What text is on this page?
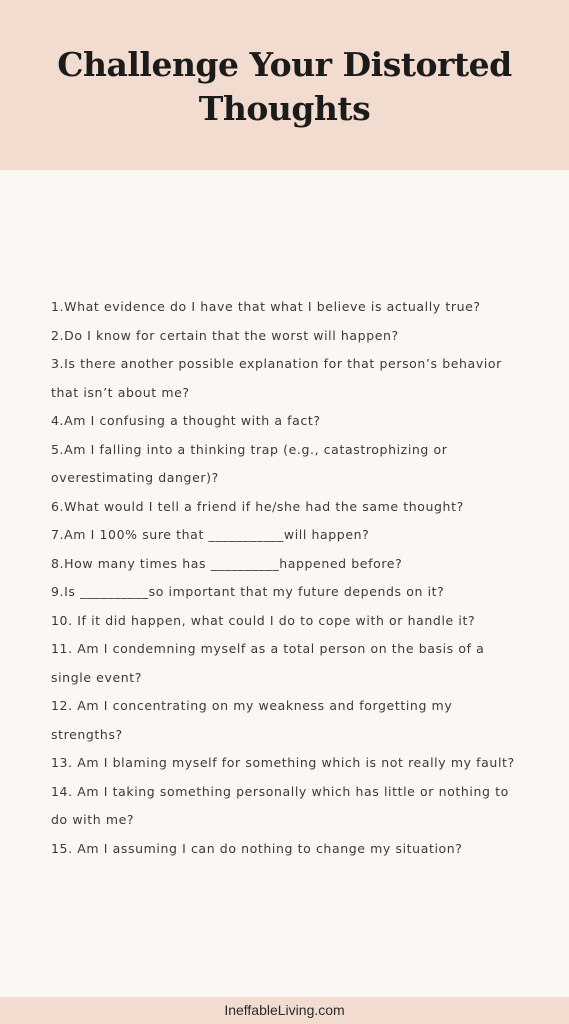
Challenge Your Distorted Thoughts
1.What evidence do I have that what I believe is actually true?
2.Do I know for certain that the worst will happen?
3.Is there another possible explanation for that person’s behavior that isn’t about me?
4.Am I confusing a thought with a fact?
5.Am I falling into a thinking trap (e.g., catastrophizing or overestimating danger)?
6.What would I tell a friend if he/she had the same thought?
7.Am I 100% sure that ___________will happen?
8.How many times has __________happened before?
9.Is __________so important that my future depends on it?
10. If it did happen, what could I do to cope with or handle it?
11. Am I condemning myself as a total person on the basis of a single event?
12. Am I concentrating on my weakness and forgetting my strengths?
13. Am I blaming myself for something which is not really my fault?
14. Am I taking something personally which has little or nothing to do with me?
15. Am I assuming I can do nothing to change my situation?
IneffableLiving.com
